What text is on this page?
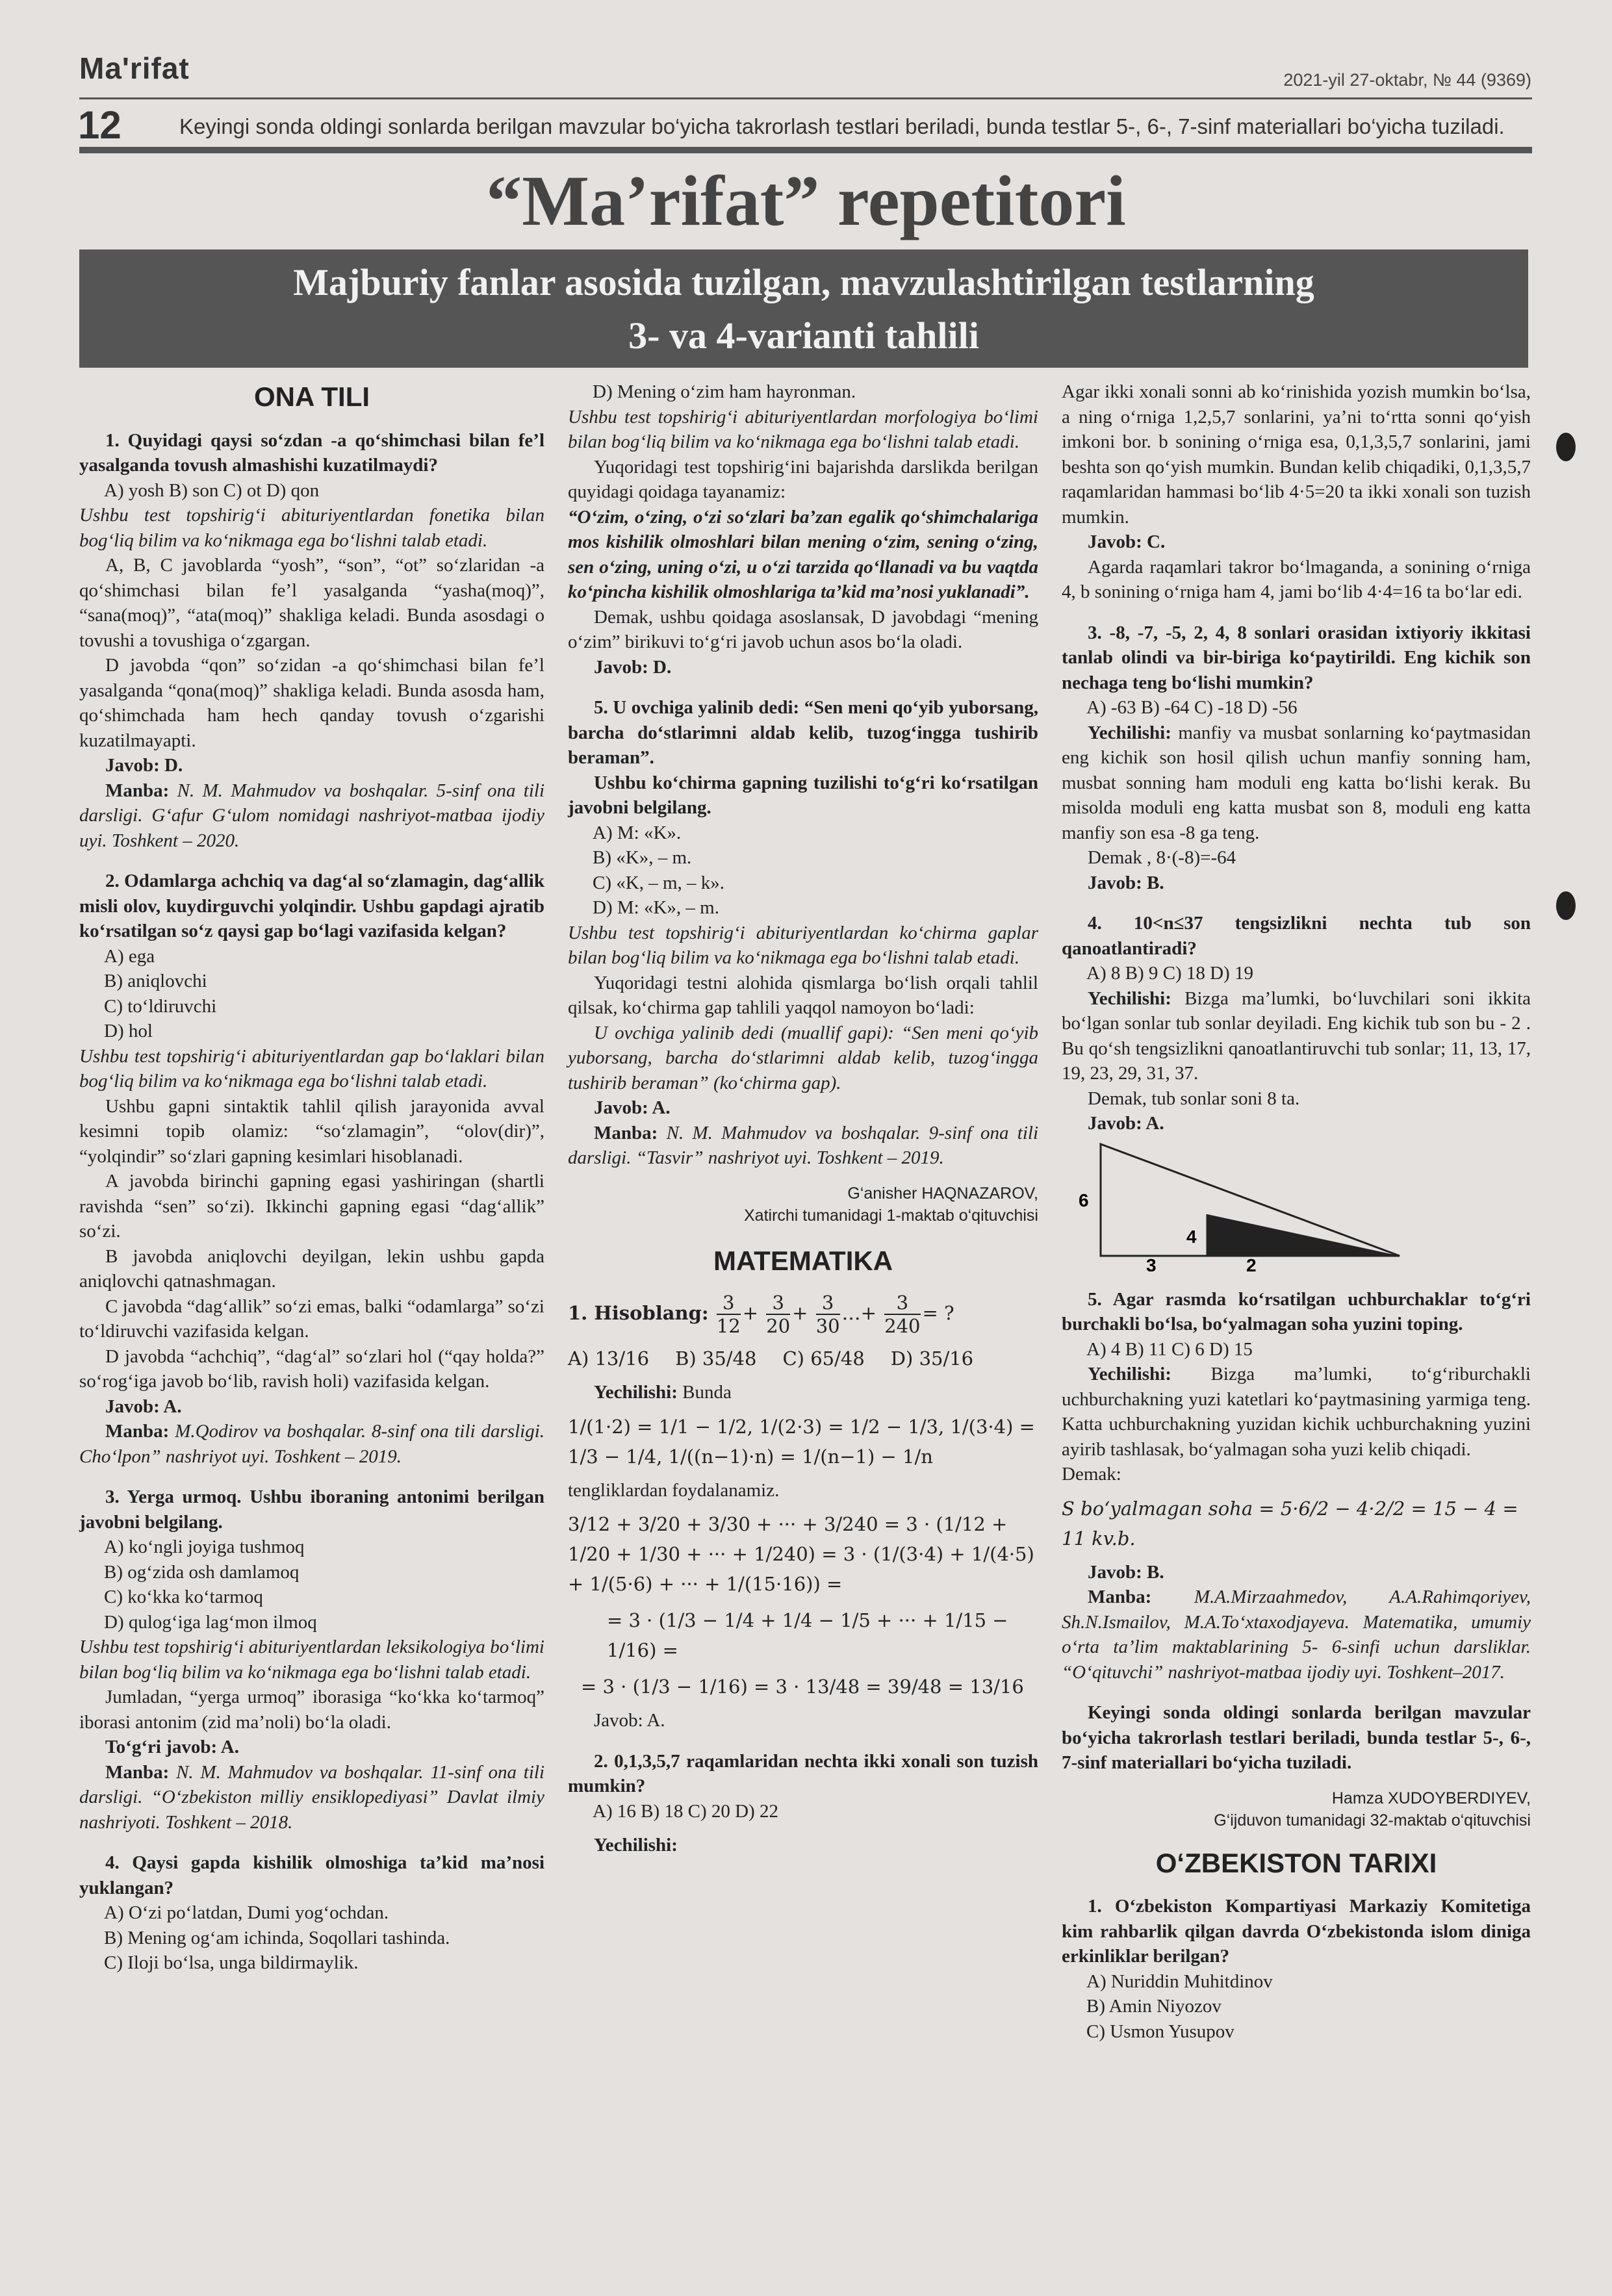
Ma'rifat	2021-yil 27-oktabr, № 44 (9369)
12	Keyingi sonda oldingi sonlarda berilgan mavzular bo‘yicha takrorlash testlari beriladi, bunda testlar 5-, 6-, 7-sinf materiallari bo‘yicha tuziladi.
“Ma’rifat” repetitori
Majburiy fanlar asosida tuzilgan, mavzulashtirilgan testlarning
3- va 4-varianti tahlili
ONA TILI
1. Quyidagi qaysi so‘zdan -a qo‘shimchasi bilan fe’l yasalganda tovush almashishi kuzatilmaydi?
A) yosh B) son C) ot D) qon
Ushbu test topshirig‘i abituriyentlardan fonetika bilan bog‘liq bilim va ko‘nikmaga ega bo‘lishni talab etadi.
A, B, C javoblarda “yosh”, “son”, “ot” so‘zlaridan -a qo‘shimchasi bilan fe’l yasalganda “yasha(moq)”, “sana(moq)”, “ata(moq)” shakliga keladi. Bunda asosdagi o tovushi a tovushiga o‘zgargan.
D javobda “qon” so‘zidan -a qo‘shimchasi bilan fe’l yasalganda “qona(moq)” shakliga keladi. Bunda asosda ham, qo‘shimchada ham hech qanday tovush o‘zgarishi kuzatilmayapti.
Javob: D.
Manba: N. M. Mahmudov va boshqalar. 5-sinf ona tili darsligi. G‘afur G‘ulom nomidagi nashriyot-matbaa ijodiy uyi. Toshkent – 2020.
2. Odamlarga achchiq va dag‘al so‘zlamagin, dag‘allik misli olov, kuydirguvchi yolqindir. Ushbu gapdagi ajratib ko‘rsatilgan so‘z qaysi gap bo‘lagi vazifasida kelgan?
A) ega
B) aniqlovchi
C) to‘ldiruvchi
D) hol
Ushbu test topshirig‘i abituriyentlardan gap bo‘laklari bilan bog‘liq bilim va ko‘nikmaga ega bo‘lishni talab etadi.
Ushbu gapni sintaktik tahlil qilish jarayonida avval kesimni topib olamiz: “so‘zlamagin”, “olov(dir)”, “yolqindir” so‘zlari gapning kesimlari hisoblanadi.
A javobda birinchi gapning egasi yashiringan (shartli ravishda “sen” so‘zi). Ikkinchi gapning egasi “dag‘allik” so‘zi.
B javobda aniqlovchi deyilgan, lekin ushbu gapda aniqlovchi qatnashmagan.
C javobda “dag‘allik” so‘zi emas, balki “odamlarga” so‘zi to‘ldiruvchi vazifasida kelgan.
D javobda “achchiq”, “dag‘al” so‘zlari hol (“qay holda?” so‘rog‘iga javob bo‘lib, ravish holi) vazifasida kelgan.
Javob: A.
Manba: M.Qodirov va boshqalar. 8-sinf ona tili darsligi. Cho‘lpon” nashriyot uyi. Toshkent – 2019.
3. Yerga urmoq. Ushbu iboraning antonimi berilgan javobni belgilang.
A) ko‘ngli joyiga tushmoq
B) og‘zida osh damlamoq
C) ko‘kka ko‘tarmoq
D) qulog‘iga lag‘mon ilmoq
Ushbu test topshirig‘i abituriyentlardan leksikologiya bo‘limi bilan bog‘liq bilim va ko‘nikmaga ega bo‘lishni talab etadi.
Jumladan, “yerga urmoq” iborasiga “ko‘kka ko‘tarmoq” iborasi antonim (zid ma’noli) bo‘la oladi.
To‘g‘ri javob: A.
Manba: N. M. Mahmudov va boshqalar. 11-sinf ona tili darsligi. “O‘zbekiston milliy ensiklopediyasi” Davlat ilmiy nashriyoti. Toshkent – 2018.
4. Qaysi gapda kishilik olmoshiga ta’kid ma’nosi yuklangan?
A) O‘zi po‘latdan, Dumi yog‘ochdan.
B) Mening og‘am ichinda, Soqollari tashinda.
C) Iloji bo‘lsa, unga bildirmaylik.
D) Mening o‘zim ham hayronman.
Ushbu test topshirig‘i abituriyentlardan morfologiya bo‘limi bilan bog‘liq bilim va ko‘nikmaga ega bo‘lishni talab etadi.
Yuqoridagi test topshirig‘ini bajarishda darslikda berilgan quyidagi qoidaga tayanamiz:
“O‘zim, o‘zing, o‘zi so‘zlari ba’zan egalik qo‘shimchalariga mos kishilik olmoshlari bilan mening o‘zim, sening o‘zing, sen o‘zing, uning o‘zi, u o‘zi tarzida qo‘llanadi va bu vaqtda ko‘pincha kishilik olmoshlariga ta’kid ma’nosi yuklanadi”.
Demak, ushbu qoidaga asoslansak, D javobdagi “mening o‘zim” birikuvi to‘g‘ri javob uchun asos bo‘la oladi.
Javob: D.
5. U ovchiga yalinib dedi: “Sen meni qo‘yib yuborsang, barcha do‘stlarimni aldab kelib, tuzog‘ingga tushirib beraman”.
Ushbu ko‘chirma gapning tuzilishi to‘g‘ri ko‘rsatilgan javobni belgilang.
A) M: «K».
B) «K», – m.
C) «K, – m, – k».
D) M: «K», – m.
Ushbu test topshirig‘i abituriyentlardan ko‘chirma gaplar bilan bog‘liq bilim va ko‘nikmaga ega bo‘lishni talab etadi.
Yuqoridagi testni alohida qismlarga bo‘lish orqali tahlil qilsak, ko‘chirma gap tahlili yaqqol namoyon bo‘ladi:
U ovchiga yalinib dedi (muallif gapi): “Sen meni qo‘yib yuborsang, barcha do‘stlarimni aldab kelib, tuzog‘ingga tushirib beraman” (ko‘chirma gap).
Javob: A.
Manba: N. M. Mahmudov va boshqalar. 9-sinf ona tili darsligi. “Tasvir” nashriyot uyi. Toshkent – 2019.
G‘anisher HAQNAZAROV,
Xatirchi tumanidagi 1-maktab o‘qituvchisi
MATEMATIKA
1. Hisoblang: $\frac{3}{12} + \frac{3}{20} + \frac{3}{30}$ …+ $\frac{3}{240}$ = ?
A) 13/16 B) 35/48 C) 65/48 D) 35/16
Yechilishi: Bunda
1/(1·2) = 1/1 − 1/2, 1/(2·3) = 1/2 − 1/3, 1/(3·4) = 1/3 − 1/4, 1/((n−1)·n) = 1/(n−1) − 1/n
tengliklardan foydalanamiz.
3/12 + 3/20 + 3/30 + ··· + 3/240 = 3 · (1/12 + 1/20 + 1/30 + ··· + 1/240) = 3 · (1/(3·4) + 1/(4·5) + 1/(5·6) + ··· + 1/(15·16)) =
= 3 · (1/3 − 1/4 + 1/4 − 1/5 + ··· + 1/15 − 1/16) =
= 3 · (1/3 − 1/16) = 3 · 13/48 = 39/48 = 13/16
Javob: A.
2. 0,1,3,5,7 raqamlaridan nechta ikki xonali son tuzish mumkin?
A) 16 B) 18 C) 20 D) 22
Yechilishi:
Agar ikki xonali sonni ab ko‘rinishida yozish mumkin bo‘lsa, a ning o‘rniga 1,2,5,7 sonlarini, ya’ni to‘rtta sonni qo‘yish imkoni bor. b sonining o‘rniga esa, 0,1,3,5,7 sonlarini, jami beshta son qo‘yish mumkin. Bundan kelib chiqadiki, 0,1,3,5,7 raqamlaridan hammasi bo‘lib 4·5=20 ta ikki xonali son tuzish mumkin.
Javob: C.
Agarda raqamlari takror bo‘lmaganda, a sonining o‘rniga 4, b sonining o‘rniga ham 4, jami bo‘lib 4·4=16 ta bo‘lar edi.
3. -8, -7, -5, 2, 4, 8 sonlari orasidan ixtiyoriy ikkitasi tanlab olindi va bir-biriga ko‘paytirildi. Eng kichik son nechaga teng bo‘lishi mumkin?
A) -63 B) -64 C) -18 D) -56
Yechilishi: manfiy va musbat sonlarning ko‘paytmasidan eng kichik son hosil qilish uchun manfiy sonning ham, musbat sonning ham moduli eng katta bo‘lishi kerak. Bu misolda moduli eng katta musbat son 8, moduli eng katta manfiy son esa -8 ga teng.
Demak , 8·(-8)=-64
Javob: B.
4. 10<n≤37 tengsizlikni nechta tub son qanoatlantiradi?
A) 8 B) 9 C) 18 D) 19
Yechilishi: Bizga ma’lumki, bo‘luvchilari soni ikkita bo‘lgan sonlar tub sonlar deyiladi. Eng kichik tub son bu - 2 . Bu qo‘sh tengsizlikni qanoatlantiruvchi tub sonlar; 11, 13, 17, 19, 23, 29, 31, 37.
Demak, tub sonlar soni 8 ta.
Javob: A.
6
4
3	2
5. Agar rasmda ko‘rsatilgan uchburchaklar to‘g‘ri burchakli bo‘lsa, bo‘yalmagan soha yuzini toping.
A) 4 B) 11 C) 6 D) 15
Yechilishi: Bizga ma’lumki, to‘g‘riburchakli uchburchakning yuzi katetlari ko‘paytmasining yarmiga teng. Katta uchburchakning yuzidan kichik uchburchakning yuzini ayirib tashlasak, bo‘yalmagan soha yuzi kelib chiqadi.
Demak:
S bo‘yalmagan soha = 5·6/2 − 4·2/2 = 15 − 4 = 11 kv.b.
Javob: B.
Manba: M.A.Mirzaahmedov, A.A.Rahimqoriyev, Sh.N.Ismailov, M.A.To‘xtaxodjayeva. Matematika, umumiy o‘rta ta’lim maktablarining 5- 6-sinfi uchun darsliklar. “O‘qituvchi” nashriyot-matbaa ijodiy uyi. Toshkent–2017.
Keyingi sonda oldingi sonlarda berilgan mavzular bo‘yicha takrorlash testlari beriladi, bunda testlar 5-, 6-, 7-sinf materiallari bo‘yicha tuziladi.
Hamza XUDOYBERDIYEV,
G‘ijduvon tumanidagi 32-maktab o‘qituvchisi
O‘ZBEKISTON TARIXI
1. O‘zbekiston Kompartiyasi Markaziy Komitetiga kim rahbarlik qilgan davrda O‘zbekistonda islom diniga erkinliklar berilgan?
A) Nuriddin Muhitdinov
B) Amin Niyozov
C) Usmon Yusupov
